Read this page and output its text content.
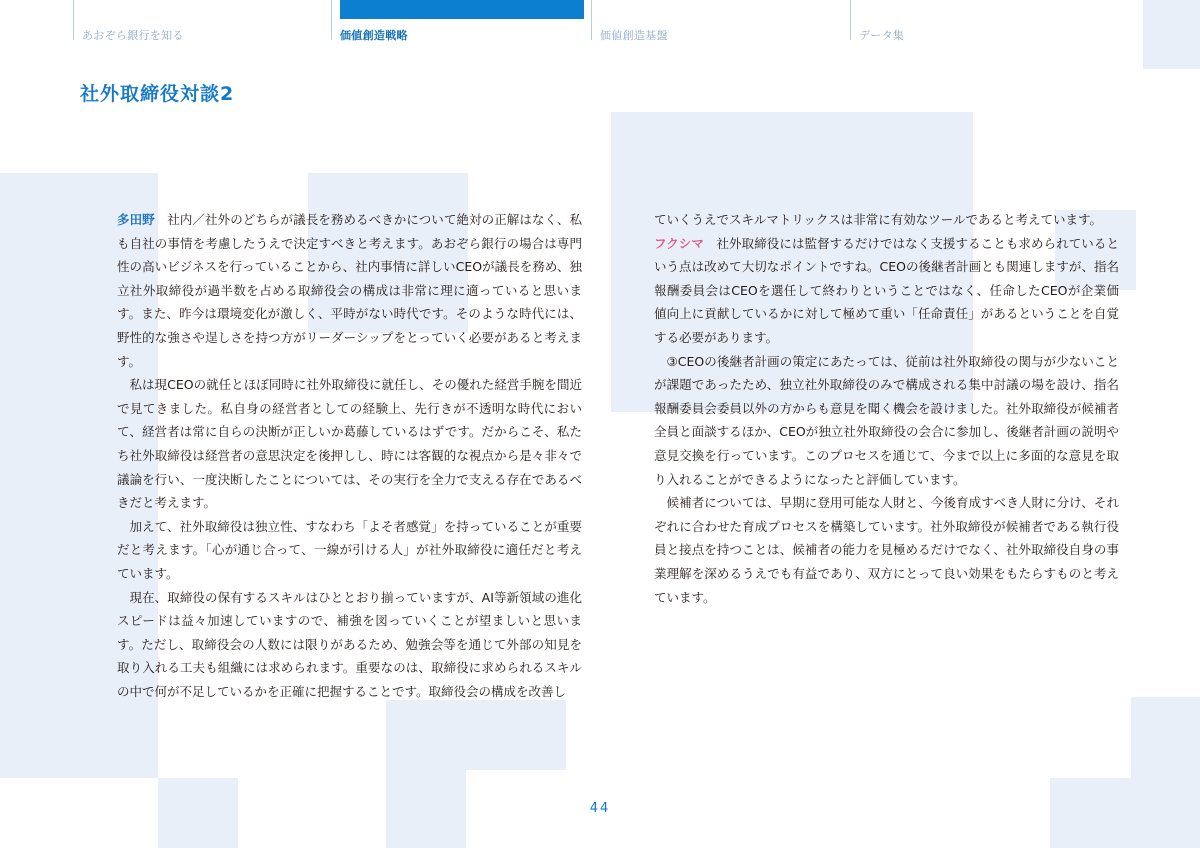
あおぞら銀行を知る	価値創造戦略	価値創造基盤	データ集
社外取締役対談2

多田野 社内／社外のどちらが議長を務めるべきかについて絶対の正解はなく、私も自社の事情を考慮したうえで決定すべきと考えます。あおぞら銀行の場合は専門性の高いビジネスを行っていることから、社内事情に詳しいCEOが議長を務め、独立社外取締役が過半数を占める取締役会の構成は非常に理に適っていると思います。また、昨今は環境変化が激しく、平時がない時代です。そのような時代には、野性的な強さや逞しさを持つ方がリーダーシップをとっていく必要があると考えます。

私は現CEOの就任とほぼ同時に社外取締役に就任し、その優れた経営手腕を間近で見てきました。私自身の経営者としての経験上、先行きが不透明な時代において、経営者は常に自らの決断が正しいか葛藤しているはずです。だからこそ、私たち社外取締役は経営者の意思決定を後押しし、時には客観的な視点から是々非々で議論を行い、一度決断したことについては、その実行を全力で支える存在であるべきだと考えます。

加えて、社外取締役は独立性、すなわち「よそ者感覚」を持っていることが重要だと考えます。「心が通じ合って、一線が引ける人」が社外取締役に適任だと考えています。

現在、取締役の保有するスキルはひととおり揃っていますが、AI等新領域の進化スピードは益々加速していますので、補強を図っていくことが望ましいと思います。ただし、取締役会の人数には限りがあるため、勉強会等を通じて外部の知見を取り入れる工夫も組織には求められます。重要なのは、取締役に求められるスキルの中で何が不足しているかを正確に把握することです。取締役会の構成を改善し

ていくうえでスキルマトリックスは非常に有効なツールであると考えています。

フクシマ 社外取締役には監督するだけではなく支援することも求められているという点は改めて大切なポイントですね。CEOの後継者計画とも関連しますが、指名報酬委員会はCEOを選任して終わりということではなく、任命したCEOが企業価値向上に貢献しているかに対して極めて重い「任命責任」があるということを自覚する必要があります。

③CEOの後継者計画の策定にあたっては、従前は社外取締役の関与が少ないことが課題であったため、独立社外取締役のみで構成される集中討議の場を設け、指名報酬委員会委員以外の方からも意見を聞く機会を設けました。社外取締役が候補者全員と面談するほか、CEOが独立社外取締役の会合に参加し、後継者計画の説明や意見交換を行っています。このプロセスを通じて、今まで以上に多面的な意見を取り入れることができるようになったと評価しています。

候補者については、早期に登用可能な人財と、今後育成すべき人財に分け、それぞれに合わせた育成プロセスを構築しています。社外取締役が候補者である執行役員と接点を持つことは、候補者の能力を見極めるだけでなく、社外取締役自身の事業理解を深めるうえでも有益であり、双方にとって良い効果をもたらすものと考えています。

44
